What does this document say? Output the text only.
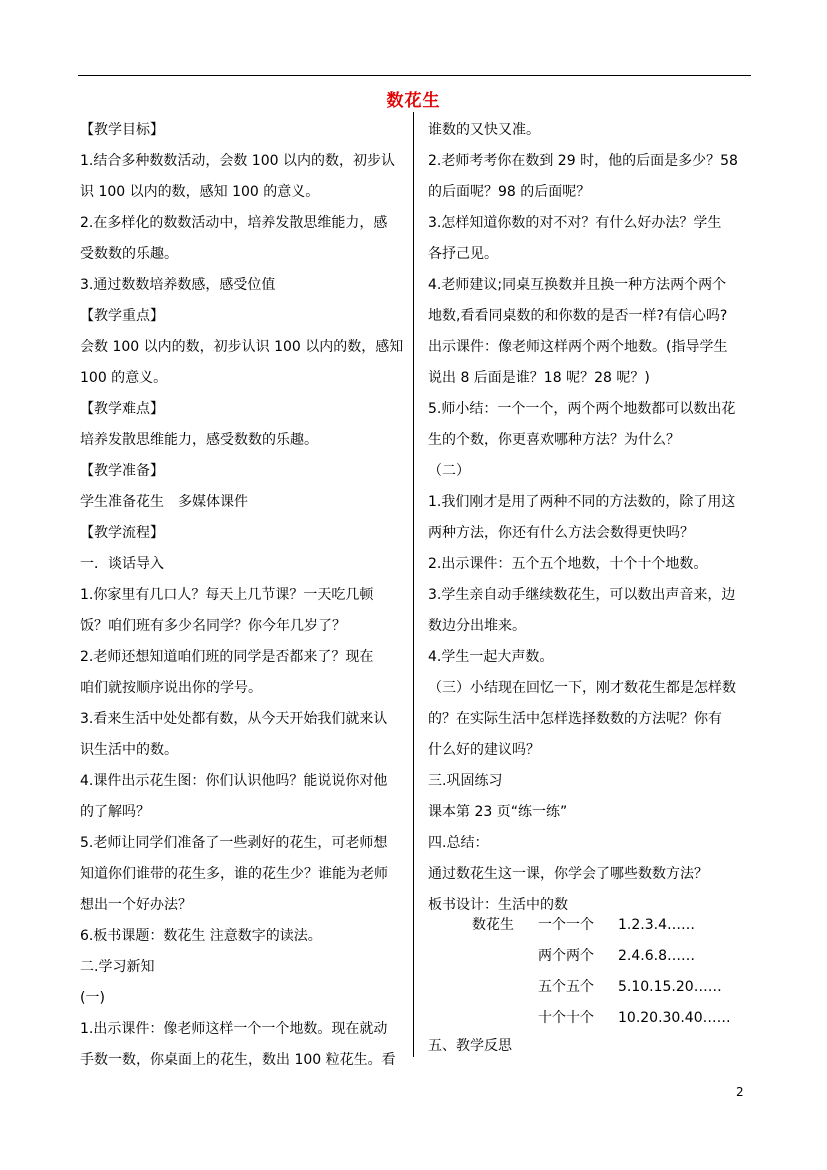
数花生
【教学目标】
1.结合多种数数活动，会数 100 以内的数，初步认
识 100 以内的数，感知 100 的意义。
2.在多样化的数数活动中，培养发散思维能力，感
受数数的乐趣。
3.通过数数培养数感，感受位值
【教学重点】
会数 100 以内的数，初步认识 100 以内的数，感知
100 的意义。
【教学难点】
培养发散思维能力，感受数数的乐趣。
【教学准备】
学生准备花生　多媒体课件
【教学流程】
一．谈话导入
1.你家里有几口人？每天上几节课？一天吃几顿
饭？咱们班有多少名同学？你今年几岁了？
2.老师还想知道咱们班的同学是否都来了？现在
咱们就按顺序说出你的学号。
3.看来生活中处处都有数，从今天开始我们就来认
识生活中的数。
4.课件出示花生图：你们认识他吗？能说说你对他
的了解吗？
5.老师让同学们准备了一些剥好的花生，可老师想
知道你们谁带的花生多，谁的花生少？谁能为老师
想出一个好办法？
6.板书课题：数花生 注意数字的读法。
二.学习新知
(一)
1.出示课件：像老师这样一个一个地数。现在就动
手数一数，你桌面上的花生，数出 100 粒花生。看
谁数的又快又准。
2.老师考考你在数到 29 时，他的后面是多少？58
的后面呢？98 的后面呢？
3.怎样知道你数的对不对？有什么好办法？学生
各抒己见。
4.老师建议;同桌互换数并且换一种方法两个两个
地数,看看同桌数的和你数的是否一样?有信心吗?
出示课件：像老师这样两个两个地数。(指导学生
说出 8 后面是谁？18 呢？28 呢？)
5.师小结：一个一个，两个两个地数都可以数出花
生的个数，你更喜欢哪种方法？为什么？
（二）
1.我们刚才是用了两种不同的方法数的，除了用这
两种方法，你还有什么方法会数得更快吗？
2.出示课件：五个五个地数，十个十个地数。
3.学生亲自动手继续数花生，可以数出声音来，边
数边分出堆来。
4.学生一起大声数。
（三）小结现在回忆一下，刚才数花生都是怎样数
的？在实际生活中怎样选择数数的方法呢？你有
什么好的建议吗？
三.巩固练习
课本第 23 页“练一练”
四.总结：
通过数花生这一课，你学会了哪些数数方法？
板书设计：生活中的数
数花生 一个一个 1.2.3.4……
两个两个 2.4.6.8……
五个五个 5.10.15.20……
十个十个 10.20.30.40……
五、教学反思
2
